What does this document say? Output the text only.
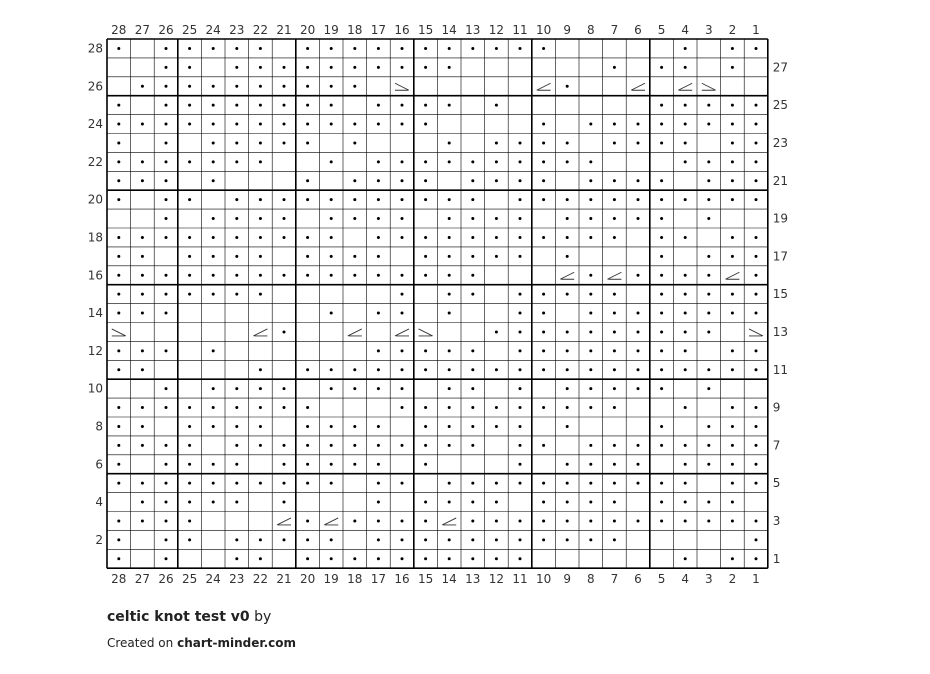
28
28
27
27
26
26
25
25
24
24
23
23
22
22
21
21
20
20
19
19
18
18
17
17
16
16
15
15
14
14
13
13
12
12
11
11
10
10
9
9
8
8
7
7
6
6
5
5
4
4
3
3
2
2
1
1
1
2
3
4
5
6
7
8
9
10
11
12
13
14
15
16
17
18
19
20
21
22
23
24
25
26
27
28
celtic knot test v0 by
Created on chart-minder.com
